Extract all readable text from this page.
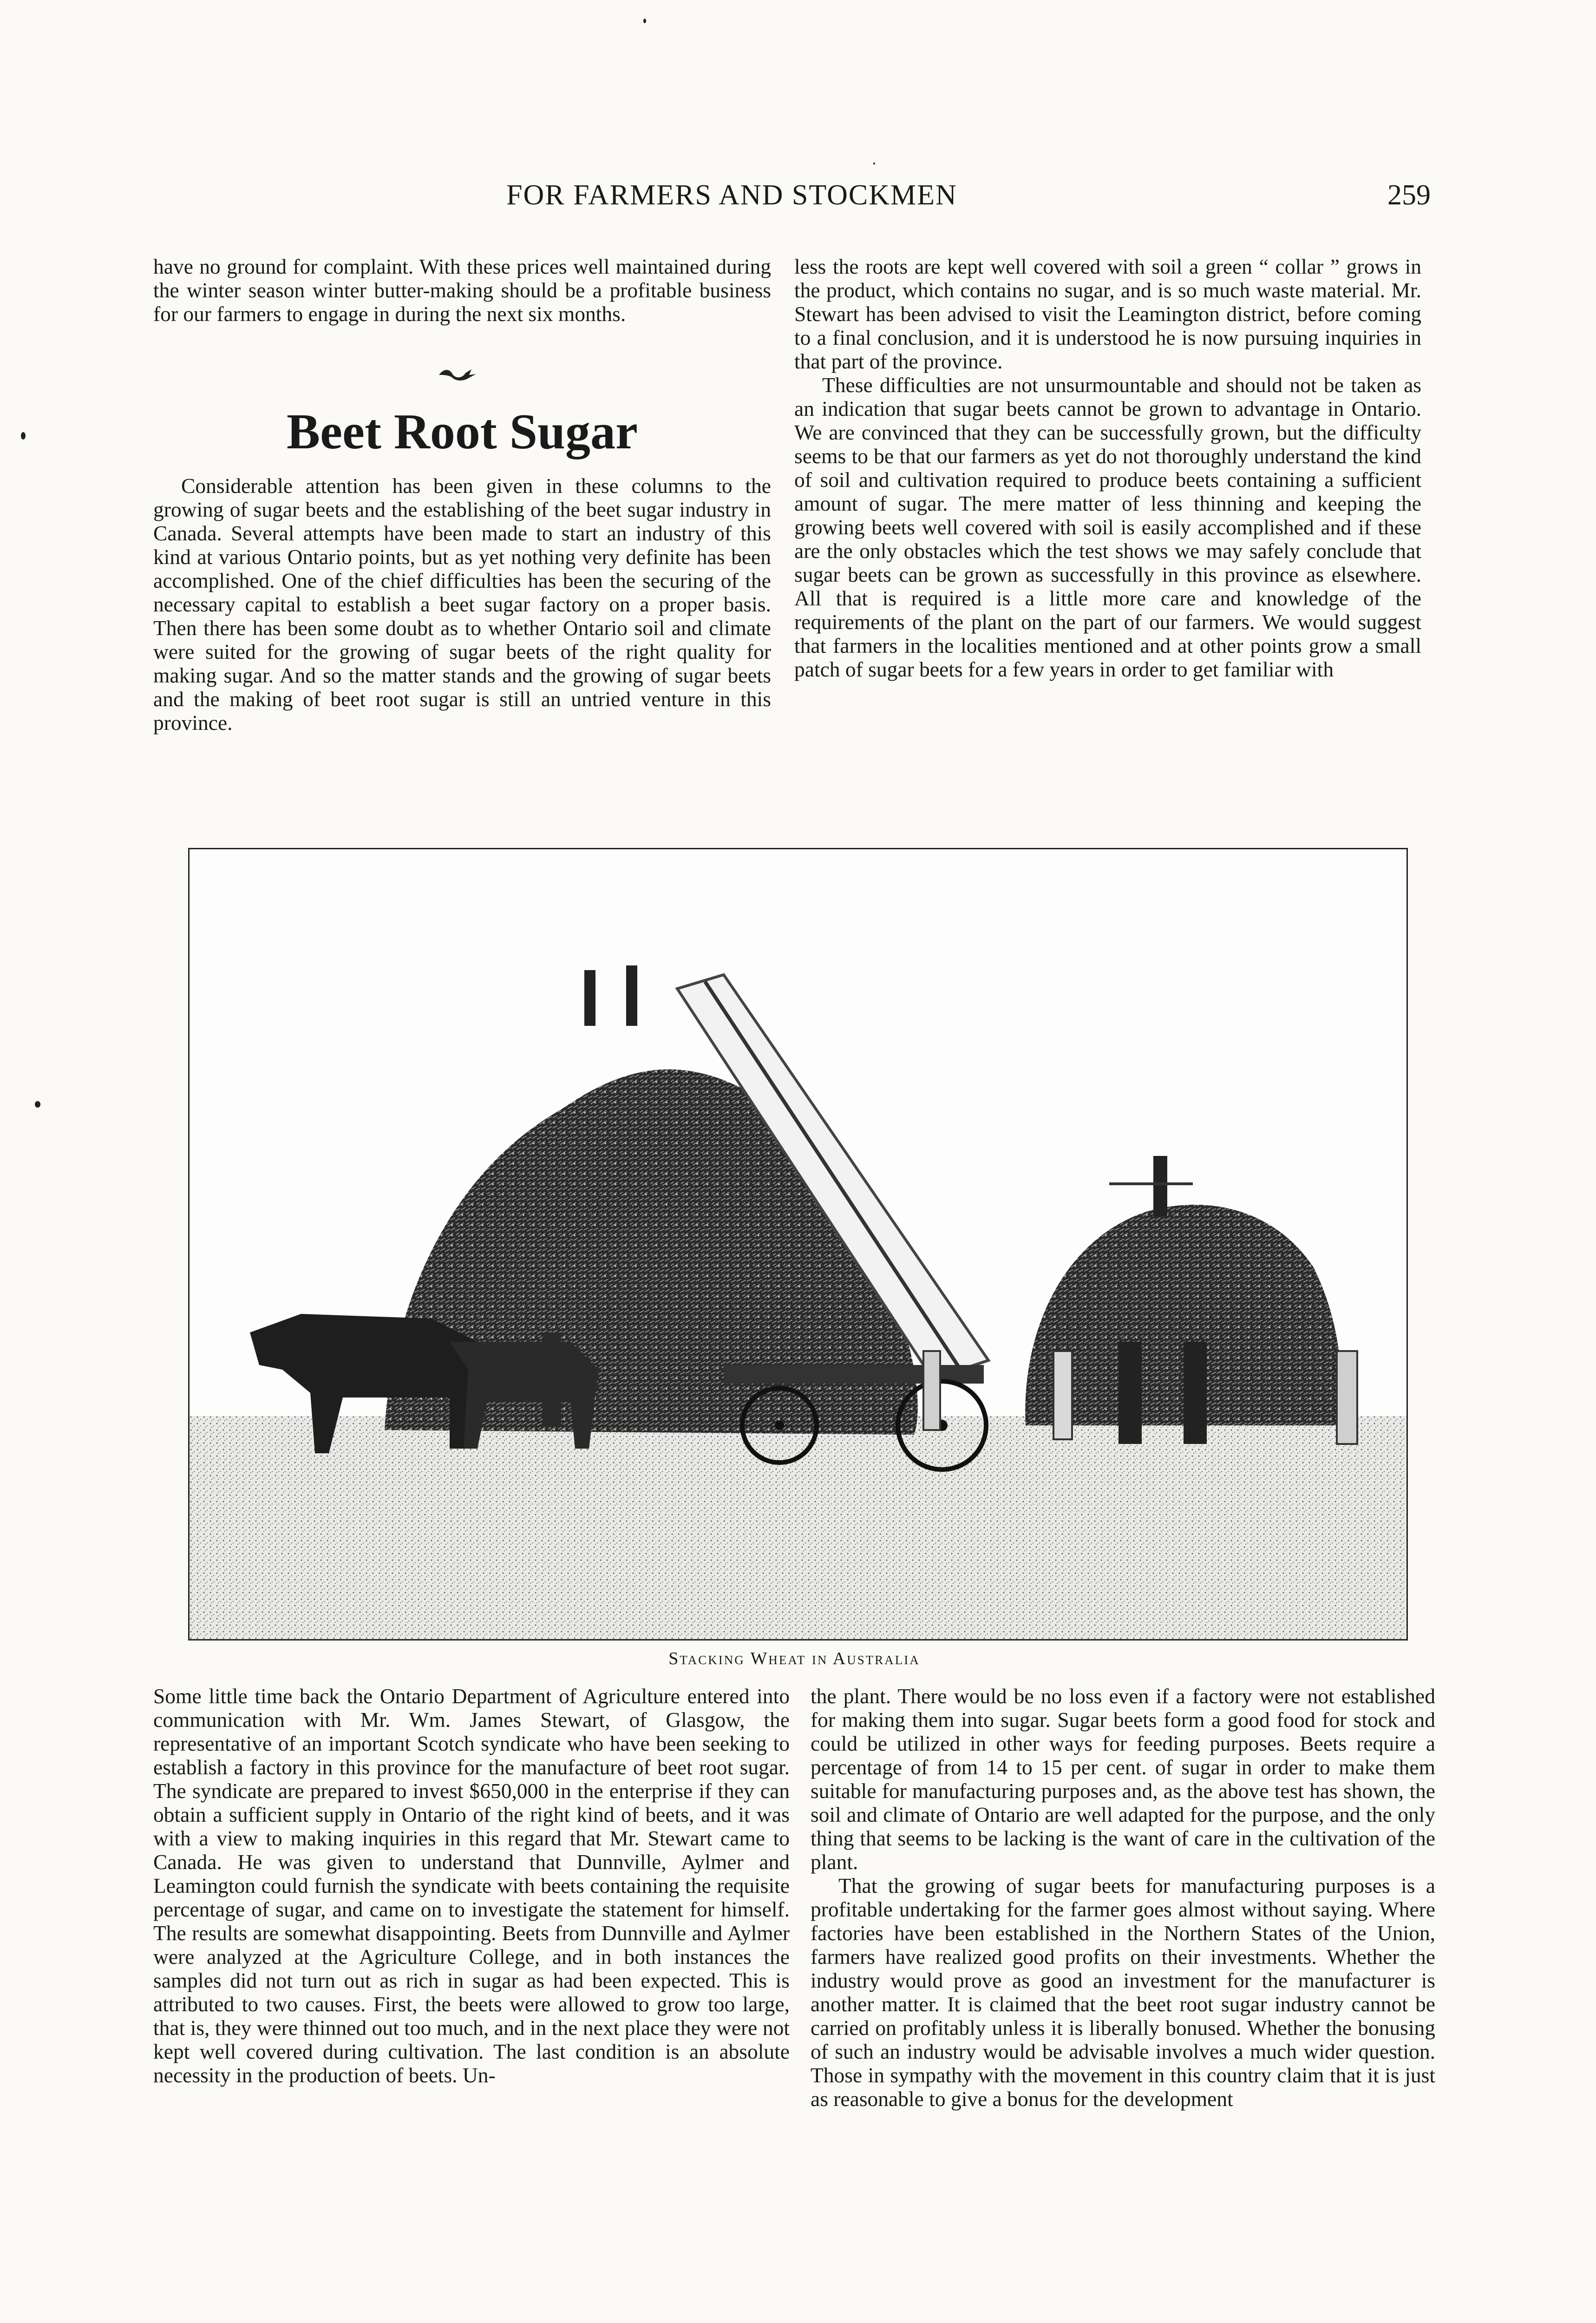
FOR FARMERS AND STOCKMEN	259

have no ground for complaint. With these prices well maintained during the winter season winter butter-making should be a profitable business for our farmers to engage in during the next six months.

Beet Root Sugar

Considerable attention has been given in these columns to the growing of sugar beets and the establishing of the beet sugar industry in Canada. Several attempts have been made to start an industry of this kind at various Ontario points, but as yet nothing very definite has been accomplished. One of the chief difficulties has been the securing of the necessary capital to establish a beet sugar factory on a proper basis. Then there has been some doubt as to whether Ontario soil and climate were suited for the growing of sugar beets of the right quality for making sugar. And so the matter stands and the growing of sugar beets and the making of beet root sugar is still an untried venture in this province.

less the roots are kept well covered with soil a green “ collar ” grows in the product, which contains no sugar, and is so much waste material. Mr. Stewart has been advised to visit the Leamington district, before coming to a final conclusion, and it is understood he is now pursuing inquiries in that part of the province.

These difficulties are not unsurmountable and should not be taken as an indication that sugar beets cannot be grown to advantage in Ontario. We are convinced that they can be successfully grown, but the difficulty seems to be that our farmers as yet do not thoroughly understand the kind of soil and cultivation required to produce beets containing a sufficient amount of sugar. The mere matter of less thinning and keeping the growing beets well covered with soil is easily accomplished and if these are the only obstacles which the test shows we may safely conclude that sugar beets can be grown as successfully in this province as elsewhere. All that is required is a little more care and knowledge of the requirements of the plant on the part of our farmers. We would suggest that farmers in the localities mentioned and at other points grow a small patch of sugar beets for a few years in order to get familiar with

Stacking Wheat in Australia

Some little time back the Ontario Department of Agriculture entered into communication with Mr. Wm. James Stewart, of Glasgow, the representative of an important Scotch syndicate who have been seeking to establish a factory in this province for the manufacture of beet root sugar. The syndicate are prepared to invest $650,000 in the enterprise if they can obtain a sufficient supply in Ontario of the right kind of beets, and it was with a view to making inquiries in this regard that Mr. Stewart came to Canada. He was given to understand that Dunnville, Aylmer and Leamington could furnish the syndicate with beets containing the requisite percentage of sugar, and came on to investigate the statement for himself. The results are somewhat disappointing. Beets from Dunnville and Aylmer were analyzed at the Agriculture College, and in both instances the samples did not turn out as rich in sugar as had been expected. This is attributed to two causes. First, the beets were allowed to grow too large, that is, they were thinned out too much, and in the next place they were not kept well covered during cultivation. The last condition is an absolute necessity in the production of beets. Un-

the plant. There would be no loss even if a factory were not established for making them into sugar. Sugar beets form a good food for stock and could be utilized in other ways for feeding purposes. Beets require a percentage of from 14 to 15 per cent. of sugar in order to make them suitable for manufacturing purposes and, as the above test has shown, the soil and climate of Ontario are well adapted for the purpose, and the only thing that seems to be lacking is the want of care in the cultivation of the plant.

That the growing of sugar beets for manufacturing purposes is a profitable undertaking for the farmer goes almost without saying. Where factories have been established in the Northern States of the Union, farmers have realized good profits on their investments. Whether the industry would prove as good an investment for the manufacturer is another matter. It is claimed that the beet root sugar industry cannot be carried on profitably unless it is liberally bonused. Whether the bonusing of such an industry would be advisable involves a much wider question. Those in sympathy with the movement in this country claim that it is just as reasonable to give a bonus for the development
